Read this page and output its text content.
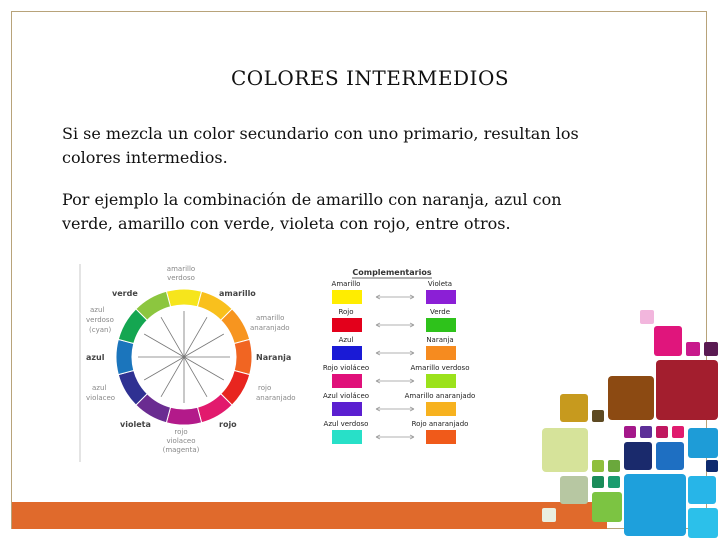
COLORES INTERMEDIOS
Si se mezcla un color secundario con uno primario, resultan los colores intermedios.
Por ejemplo la combinación de amarillo con naranja, azul con verde, amarillo con verde, violeta con rojo, entre otros.
amarillo
verdoso
verde	amarillo
azul
verdoso
(cyan)
amarillo
anaranjado
azul	Naranja
azul
violaceo
rojo
anaranjado
violeta	rojo
rojo
violaceo
(magenta)
Complementarios
Amarillo	Violeta
Rojo	Verde
Azul	Naranja
Rojo violáceo	Amarillo verdoso
Azul violáceo	Amarillo anaranjado
Azul verdoso	Rojo anaranjado
